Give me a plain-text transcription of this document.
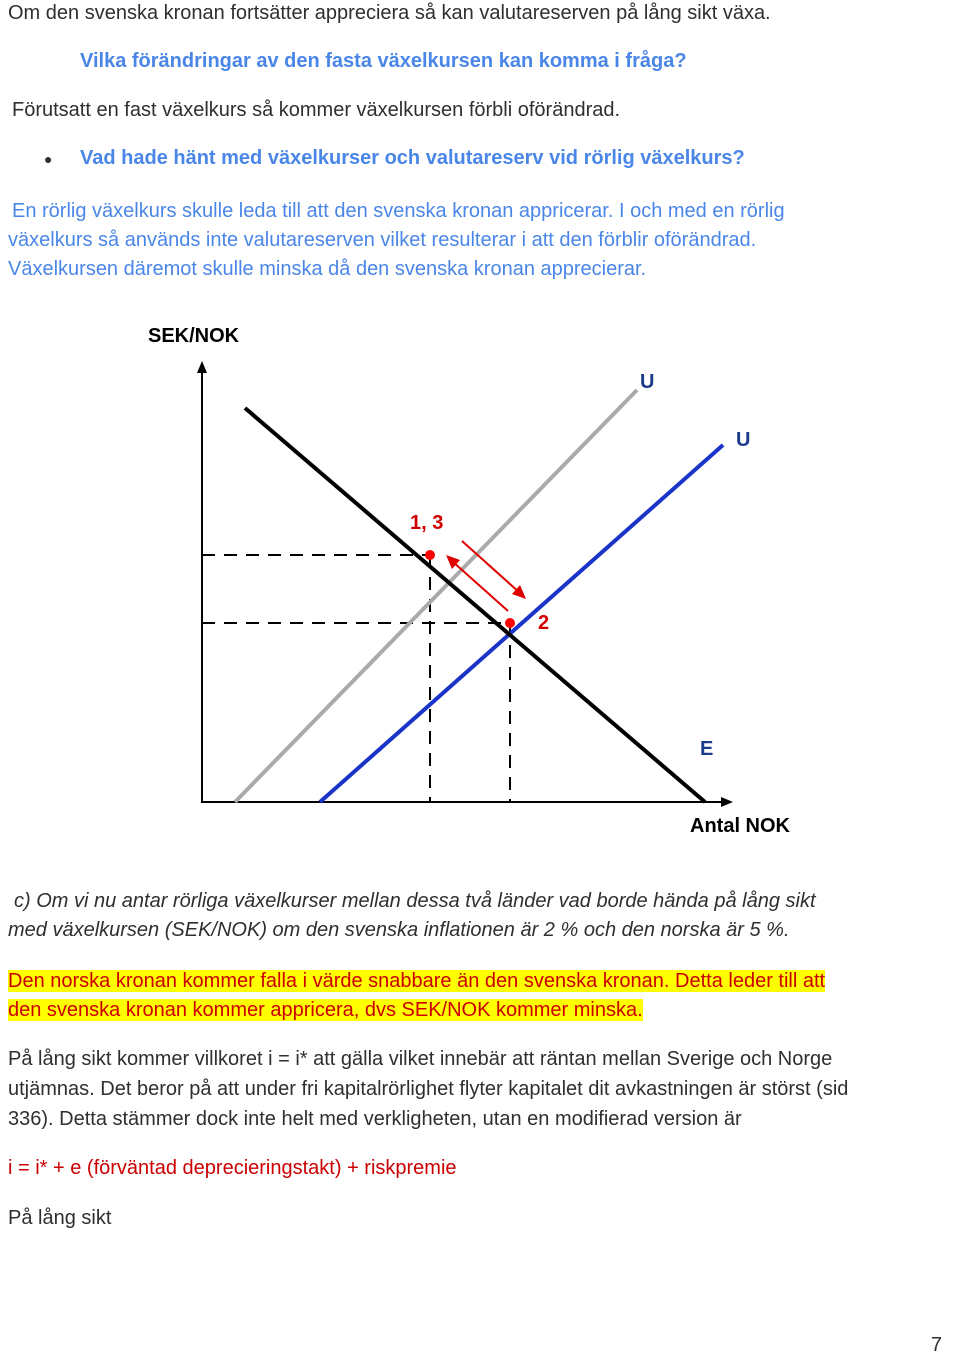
Om den svenska kronan fortsätter appreciera så kan valutareserven på lång sikt växa.
Vilka förändringar av den fasta växelkursen kan komma i fråga?
Förutsatt en fast växelkurs så kommer växelkursen förbli oförändrad.
● Vad hade hänt med växelkurser och valutareserv vid rörlig växelkurs?
En rörlig växelkurs skulle leda till att den svenska kronan appricerar. I och med en rörlig
växelkurs så används inte valutareserven vilket resulterar i att den förblir oförändrad.
Växelkursen däremot skulle minska då den svenska kronan apprecierar.
SEK/NOK
Antal NOK
U
U
E
1, 3
2
c) Om vi nu antar rörliga växelkurser mellan dessa två länder vad borde hända på lång sikt
med växelkursen (SEK/NOK) om den svenska inflationen är 2 % och den norska är 5 %.
Den norska kronan kommer falla i värde snabbare än den svenska kronan. Detta leder till att
den svenska kronan kommer appricera, dvs SEK/NOK kommer minska.
På lång sikt kommer villkoret i = i* att gälla vilket innebär att räntan mellan Sverige och Norge
utjämnas. Det beror på att under fri kapitalrörlighet flyter kapitalet dit avkastningen är störst (sid
336). Detta stämmer dock inte helt med verkligheten, utan en modifierad version är
i = i* + e (förväntad deprecieringstakt) + riskpremie
På lång sikt
7
